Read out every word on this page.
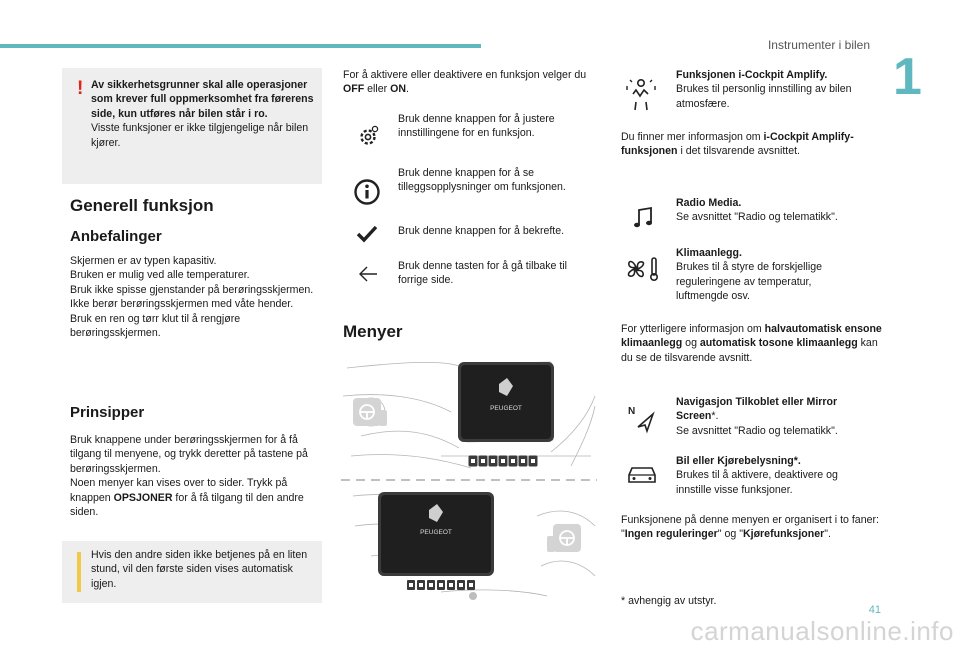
Instrumenter i bilen
1
! Av sikkerhetsgrunner skal alle operasjoner som krever full oppmerksomhet fra førerens side, kun utføres når bilen står i ro.
Visste funksjoner er ikke tilgjengelige når bilen kjører.
Generell funksjon
Anbefalinger
Skjermen er av typen kapasitiv.
Bruken er mulig ved alle temperaturer.
Bruk ikke spisse gjenstander på berøringsskjermen.
Ikke berør berøringsskjermen med våte hender.
Bruk en ren og tørr klut til å rengjøre berøringsskjermen.
Prinsipper
Bruk knappene under berøringsskjermen for å få tilgang til menyene, og trykk deretter på tastene på berøringsskjermen.
Noen menyer kan vises over to sider. Trykk på knappen OPSJONER for å få tilgang til den andre siden.
Hvis den andre siden ikke betjenes på en liten stund, vil den første siden vises automatisk igjen.
For å aktivere eller deaktivere en funksjon velger du OFF eller ON.
Bruk denne knappen for å justere innstillingene for en funksjon.
Bruk denne knappen for å se tilleggsopplysninger om funksjonen.
Bruk denne knappen for å bekrefte.
Bruk denne tasten for å gå tilbake til forrige side.
Menyer
PEUGEOT
PEUGEOT
Funksjonen i-Cockpit Amplify.
Brukes til personlig innstilling av bilen atmosfære.
Du finner mer informasjon om i-Cockpit Amplify-funksjonen i det tilsvarende avsnittet.
Radio Media.
Se avsnittet "Radio og telematikk".
Klimaanlegg.
Brukes til å styre de forskjellige reguleringene av temperatur, luftmengde osv.
For ytterligere informasjon om halvautomatisk ensone klimaanlegg og automatisk tosone klimaanlegg kan du se de tilsvarende avsnitt.
N
Navigasjon Tilkoblet eller Mirror Screen*.
Se avsnittet "Radio og telematikk".
Bil eller Kjørebelysning*.
Brukes til å aktivere, deaktivere og innstille visse funksjoner.
Funksjonene på denne menyen er organisert i to faner: "Ingen reguleringer" og "Kjørefunksjoner".
* avhengig av utstyr.
41
carmanualsonline.info
